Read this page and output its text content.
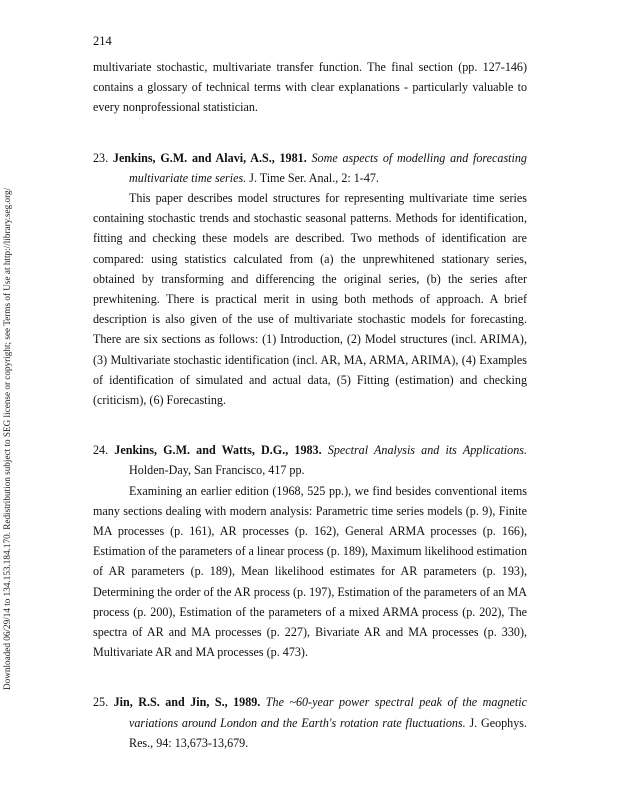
214
Downloaded 06/29/14 to 134.153.184.170. Redistribution subject to SEG license or copyright; see Terms of Use at http://library.seg.org/

multivariate stochastic, multivariate transfer function. The final section (pp. 127-146) contains a glossary of technical terms with clear explanations - particularly valuable to every nonprofessional statistician.

23. Jenkins, G.M. and Alavi, A.S., 1981. Some aspects of modelling and forecasting multivariate time series. J. Time Ser. Anal., 2: 1-47.

This paper describes model structures for representing multivariate time series containing stochastic trends and stochastic seasonal patterns. Methods for identification, fitting and checking these models are described. Two methods of identification are compared: using statistics calculated from (a) the unprewhitened stationary series, obtained by transforming and differencing the original series, (b) the series after prewhitening. There is practical merit in using both methods of approach. A brief description is also given of the use of multivariate stochastic models for forecasting. There are six sections as follows: (1) Introduction, (2) Model structures (incl. ARIMA), (3) Multivariate stochastic identification (incl. AR, MA, ARMA, ARIMA), (4) Examples of identification of simulated and actual data, (5) Fitting (estimation) and checking (criticism), (6) Forecasting.

24. Jenkins, G.M. and Watts, D.G., 1983. Spectral Analysis and its Applications. Holden-Day, San Francisco, 417 pp.

Examining an earlier edition (1968, 525 pp.), we find besides conventional items many sections dealing with modern analysis: Parametric time series models (p. 9), Finite MA processes (p. 161), AR processes (p. 162), General ARMA processes (p. 166), Estimation of the parameters of a linear process (p. 189), Maximum likelihood estimation of AR parameters (p. 189), Mean likelihood estimates for AR parameters (p. 193), Determining the order of the AR process (p. 197), Estimation of the parameters of an MA process (p. 200), Estimation of the parameters of a mixed ARMA process (p. 202), The spectra of AR and MA processes (p. 227), Bivariate AR and MA processes (p. 330), Multivariate AR and MA processes (p. 473).

25. Jin, R.S. and Jin, S., 1989. The ~60-year power spectral peak of the magnetic variations around London and the Earth's rotation rate fluctuations. J. Geophys. Res., 94: 13,673-13,679.
